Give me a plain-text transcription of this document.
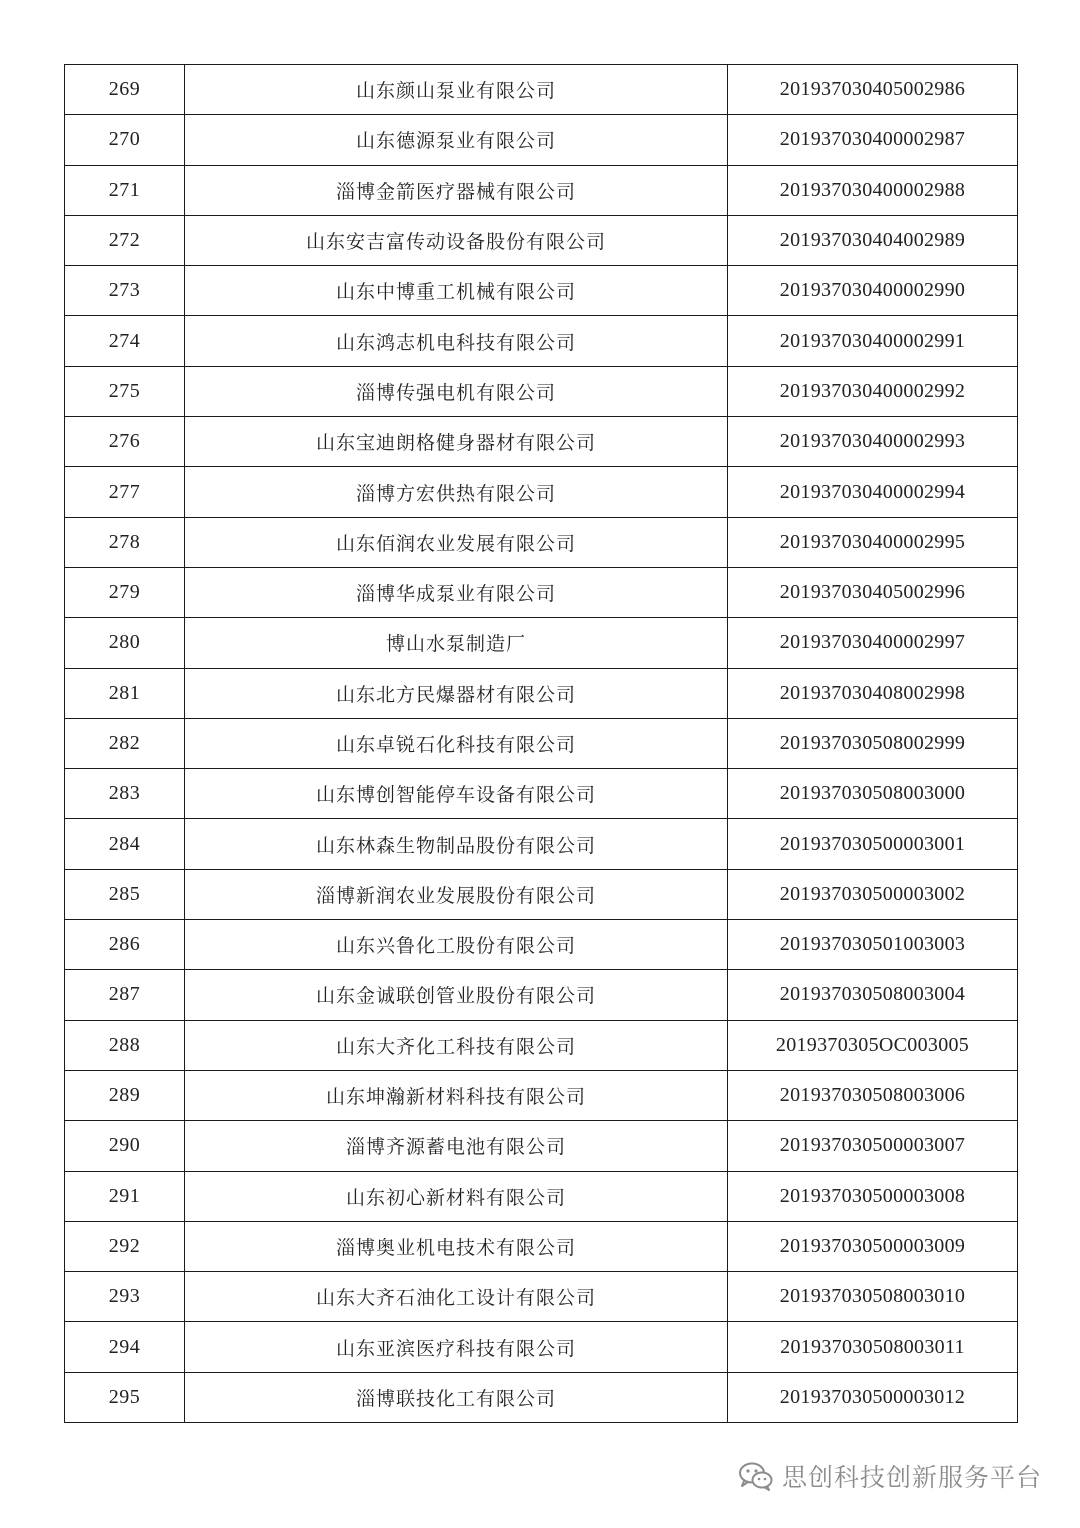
269	山东颜山泵业有限公司	201937030405002986
270	山东德源泵业有限公司	201937030400002987
271	淄博金箭医疗器械有限公司	201937030400002988
272	山东安吉富传动设备股份有限公司	201937030404002989
273	山东中博重工机械有限公司	201937030400002990
274	山东鸿志机电科技有限公司	201937030400002991
275	淄博传强电机有限公司	201937030400002992
276	山东宝迪朗格健身器材有限公司	201937030400002993
277	淄博方宏供热有限公司	201937030400002994
278	山东佰润农业发展有限公司	201937030400002995
279	淄博华成泵业有限公司	201937030405002996
280	博山水泵制造厂	201937030400002997
281	山东北方民爆器材有限公司	201937030408002998
282	山东卓锐石化科技有限公司	201937030508002999
283	山东博创智能停车设备有限公司	201937030508003000
284	山东林森生物制品股份有限公司	201937030500003001
285	淄博新润农业发展股份有限公司	201937030500003002
286	山东兴鲁化工股份有限公司	201937030501003003
287	山东金诚联创管业股份有限公司	201937030508003004
288	山东大齐化工科技有限公司	2019370305OC003005
289	山东坤瀚新材料科技有限公司	201937030508003006
290	淄博齐源蓄电池有限公司	201937030500003007
291	山东初心新材料有限公司	201937030500003008
292	淄博奥业机电技术有限公司	201937030500003009
293	山东大齐石油化工设计有限公司	201937030508003010
294	山东亚滨医疗科技有限公司	201937030508003011
295	淄博联技化工有限公司	201937030500003012
思创科技创新服务平台
